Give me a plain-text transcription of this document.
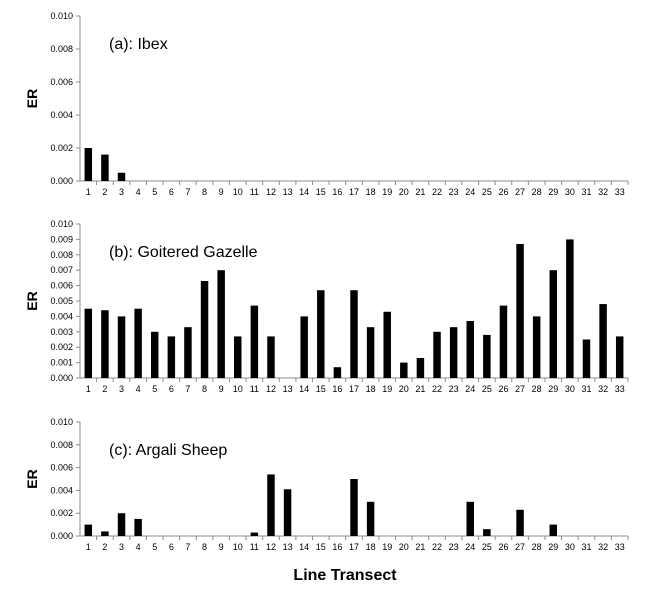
0.000
0.002
0.004
0.006
0.008
0.010
ER
(a): Ibex
1 2 3 4 5 6 7 8 9 10 11 12 13 14 15 16 17 18 19 20 21 22 23 24 25 26 27 28 29 30 31 32 33
0.000
0.001
0.002
0.003
0.004
0.005
0.006
0.007
0.008
0.009
0.010
ER
(b): Goitered Gazelle
1 2 3 4 5 6 7 8 9 10 11 12 13 14 15 16 17 18 19 20 21 22 23 24 25 26 27 28 29 30 31 32 33
0.000
0.002
0.004
0.006
0.008
0.010
ER
(c): Argali Sheep
1 2 3 4 5 6 7 8 9 10 11 12 13 14 15 16 17 18 19 20 21 22 23 24 25 26 27 28 29 30 31 32 33
Line Transect
